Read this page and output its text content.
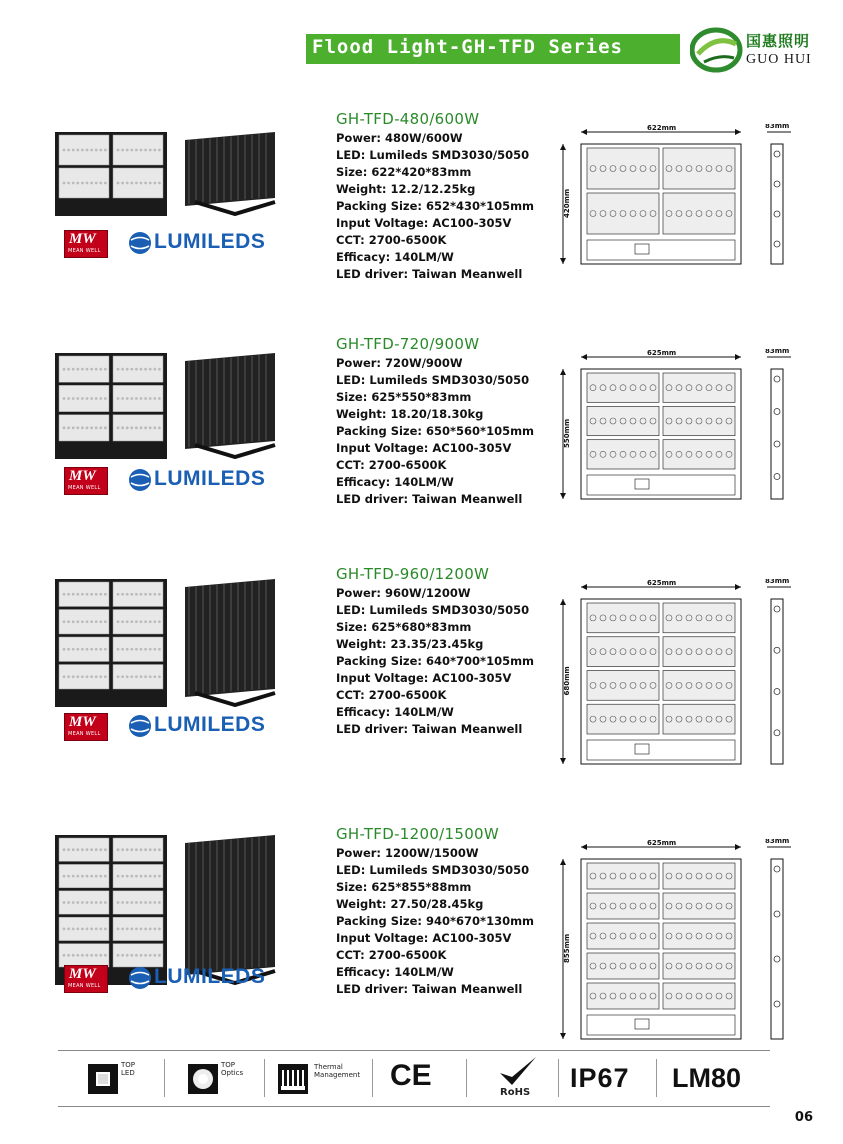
Flood Light-GH-TFD Series	国惠照明
GUO HUI
MW
MEAN WELL	LUMILEDS
GH-TFD-480/600W
Power: 480W/600W
LED: Lumileds SMD3030/5050
Size: 622*420*83mm
Weight: 12.2/12.25kg
Packing Size: 652*430*105mm
Input Voltage: AC100-305V
CCT: 2700-6500K
Efficacy: 140LM/W
LED driver: Taiwan Meanwell
622mm
420mm
83mm
MW
MEAN WELL	LUMILEDS
GH-TFD-720/900W
Power: 720W/900W
LED: Lumileds SMD3030/5050
Size: 625*550*83mm
Weight: 18.20/18.30kg
Packing Size: 650*560*105mm
Input Voltage: AC100-305V
CCT: 2700-6500K
Efficacy: 140LM/W
LED driver: Taiwan Meanwell
625mm
550mm
83mm
MW
MEAN WELL	LUMILEDS
GH-TFD-960/1200W
Power: 960W/1200W
LED: Lumileds SMD3030/5050
Size: 625*680*83mm
Weight: 23.35/23.45kg
Packing Size: 640*700*105mm
Input Voltage: AC100-305V
CCT: 2700-6500K
Efficacy: 140LM/W
LED driver: Taiwan Meanwell
625mm
680mm
83mm
MW
MEAN WELL	LUMILEDS
GH-TFD-1200/1500W
Power: 1200W/1500W
LED: Lumileds SMD3030/5050
Size: 625*855*88mm
Weight: 27.50/28.45kg
Packing Size: 940*670*130mm
Input Voltage: AC100-305V
CCT: 2700-6500K
Efficacy: 140LM/W
LED driver: Taiwan Meanwell
625mm
855mm
83mm
TOP
LED
TOP
Optics
Thermal
Management CE
RoHS IP67 LM80
06
